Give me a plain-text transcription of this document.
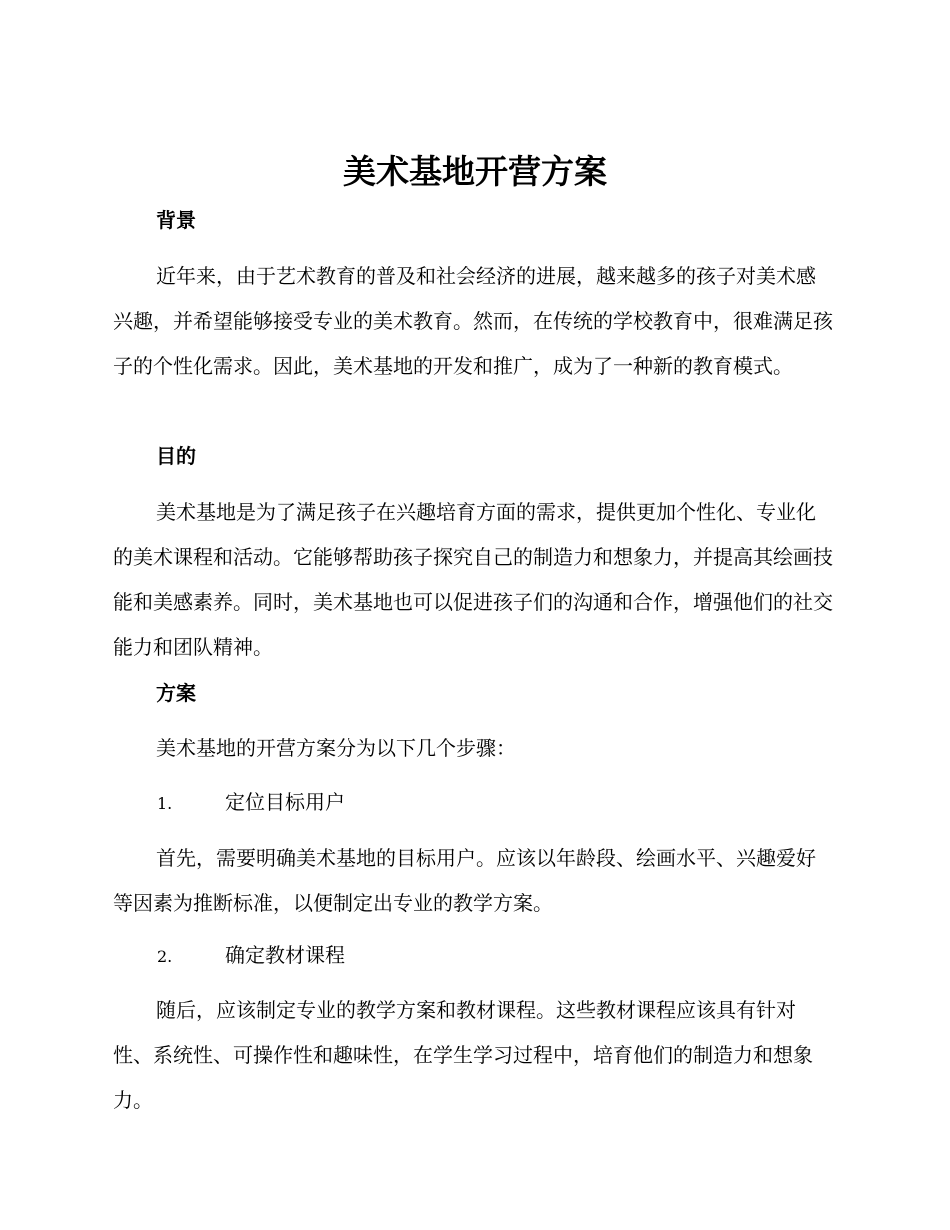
美术基地开营方案
背景

近年来，由于艺术教育的普及和社会经济的进展，越来越多的孩子对美术感兴趣，并希望能够接受专业的美术教育。然而，在传统的学校教育中，很难满足孩子的个性化需求。因此，美术基地的开发和推广，成为了一种新的教育模式。

目的

美术基地是为了满足孩子在兴趣培育方面的需求，提供更加个性化、专业化的美术课程和活动。它能够帮助孩子探究自己的制造力和想象力，并提高其绘画技能和美感素养。同时，美术基地也可以促进孩子们的沟通和合作，增强他们的社交能力和团队精神。

方案

美术基地的开营方案分为以下几个步骤：

1.	定位目标用户

首先，需要明确美术基地的目标用户。应该以年龄段、绘画水平、兴趣爱好等因素为推断标准，以便制定出专业的教学方案。

2.	确定教材课程

随后，应该制定专业的教学方案和教材课程。这些教材课程应该具有针对性、系统性、可操作性和趣味性，在学生学习过程中，培育他们的制造力和想象力。
